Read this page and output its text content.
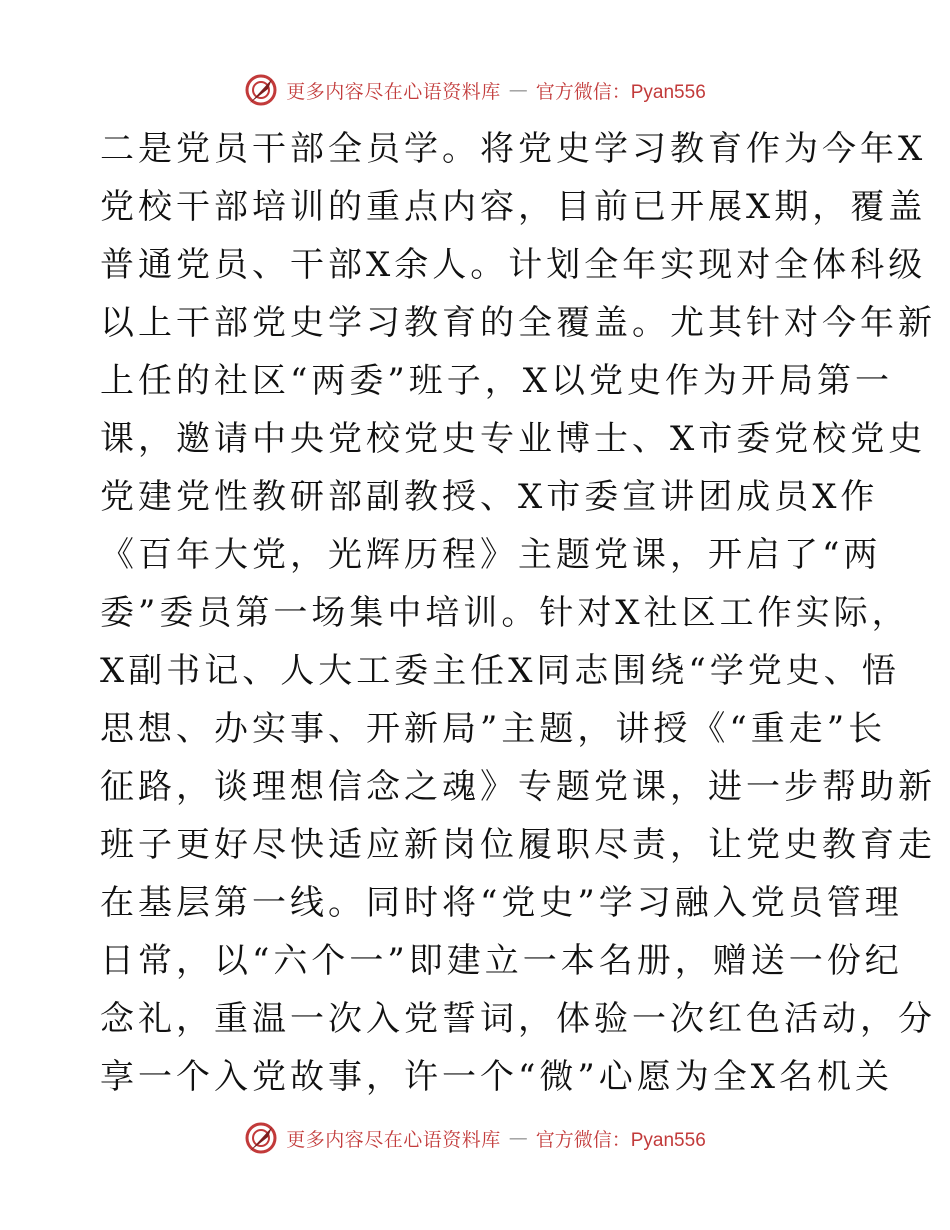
更多内容尽在心语资料库 — 官方微信：Pyan556
二是党员干部全员学。将党史学习教育作为今年X
党校干部培训的重点内容，目前已开展X期，覆盖
普通党员、干部X余人。计划全年实现对全体科级
以上干部党史学习教育的全覆盖。尤其针对今年新
上任的社区“两委”班子，X以党史作为开局第一
课，邀请中央党校党史专业博士、X市委党校党史
党建党性教研部副教授、X市委宣讲团成员X作
《百年大党，光辉历程》主题党课，开启了“两
委”委员第一场集中培训。针对X社区工作实际，
X副书记、人大工委主任X同志围绕“学党史、悟
思想、办实事、开新局”主题，讲授《“重走”长
征路，谈理想信念之魂》专题党课，进一步帮助新
班子更好尽快适应新岗位履职尽责，让党史教育走
在基层第一线。同时将“党史”学习融入党员管理
日常，以“六个一”即建立一本名册，赠送一份纪
念礼，重温一次入党誓词，体验一次红色活动，分
享一个入党故事，许一个“微”心愿为全X名机关
更多内容尽在心语资料库 — 官方微信：Pyan556
